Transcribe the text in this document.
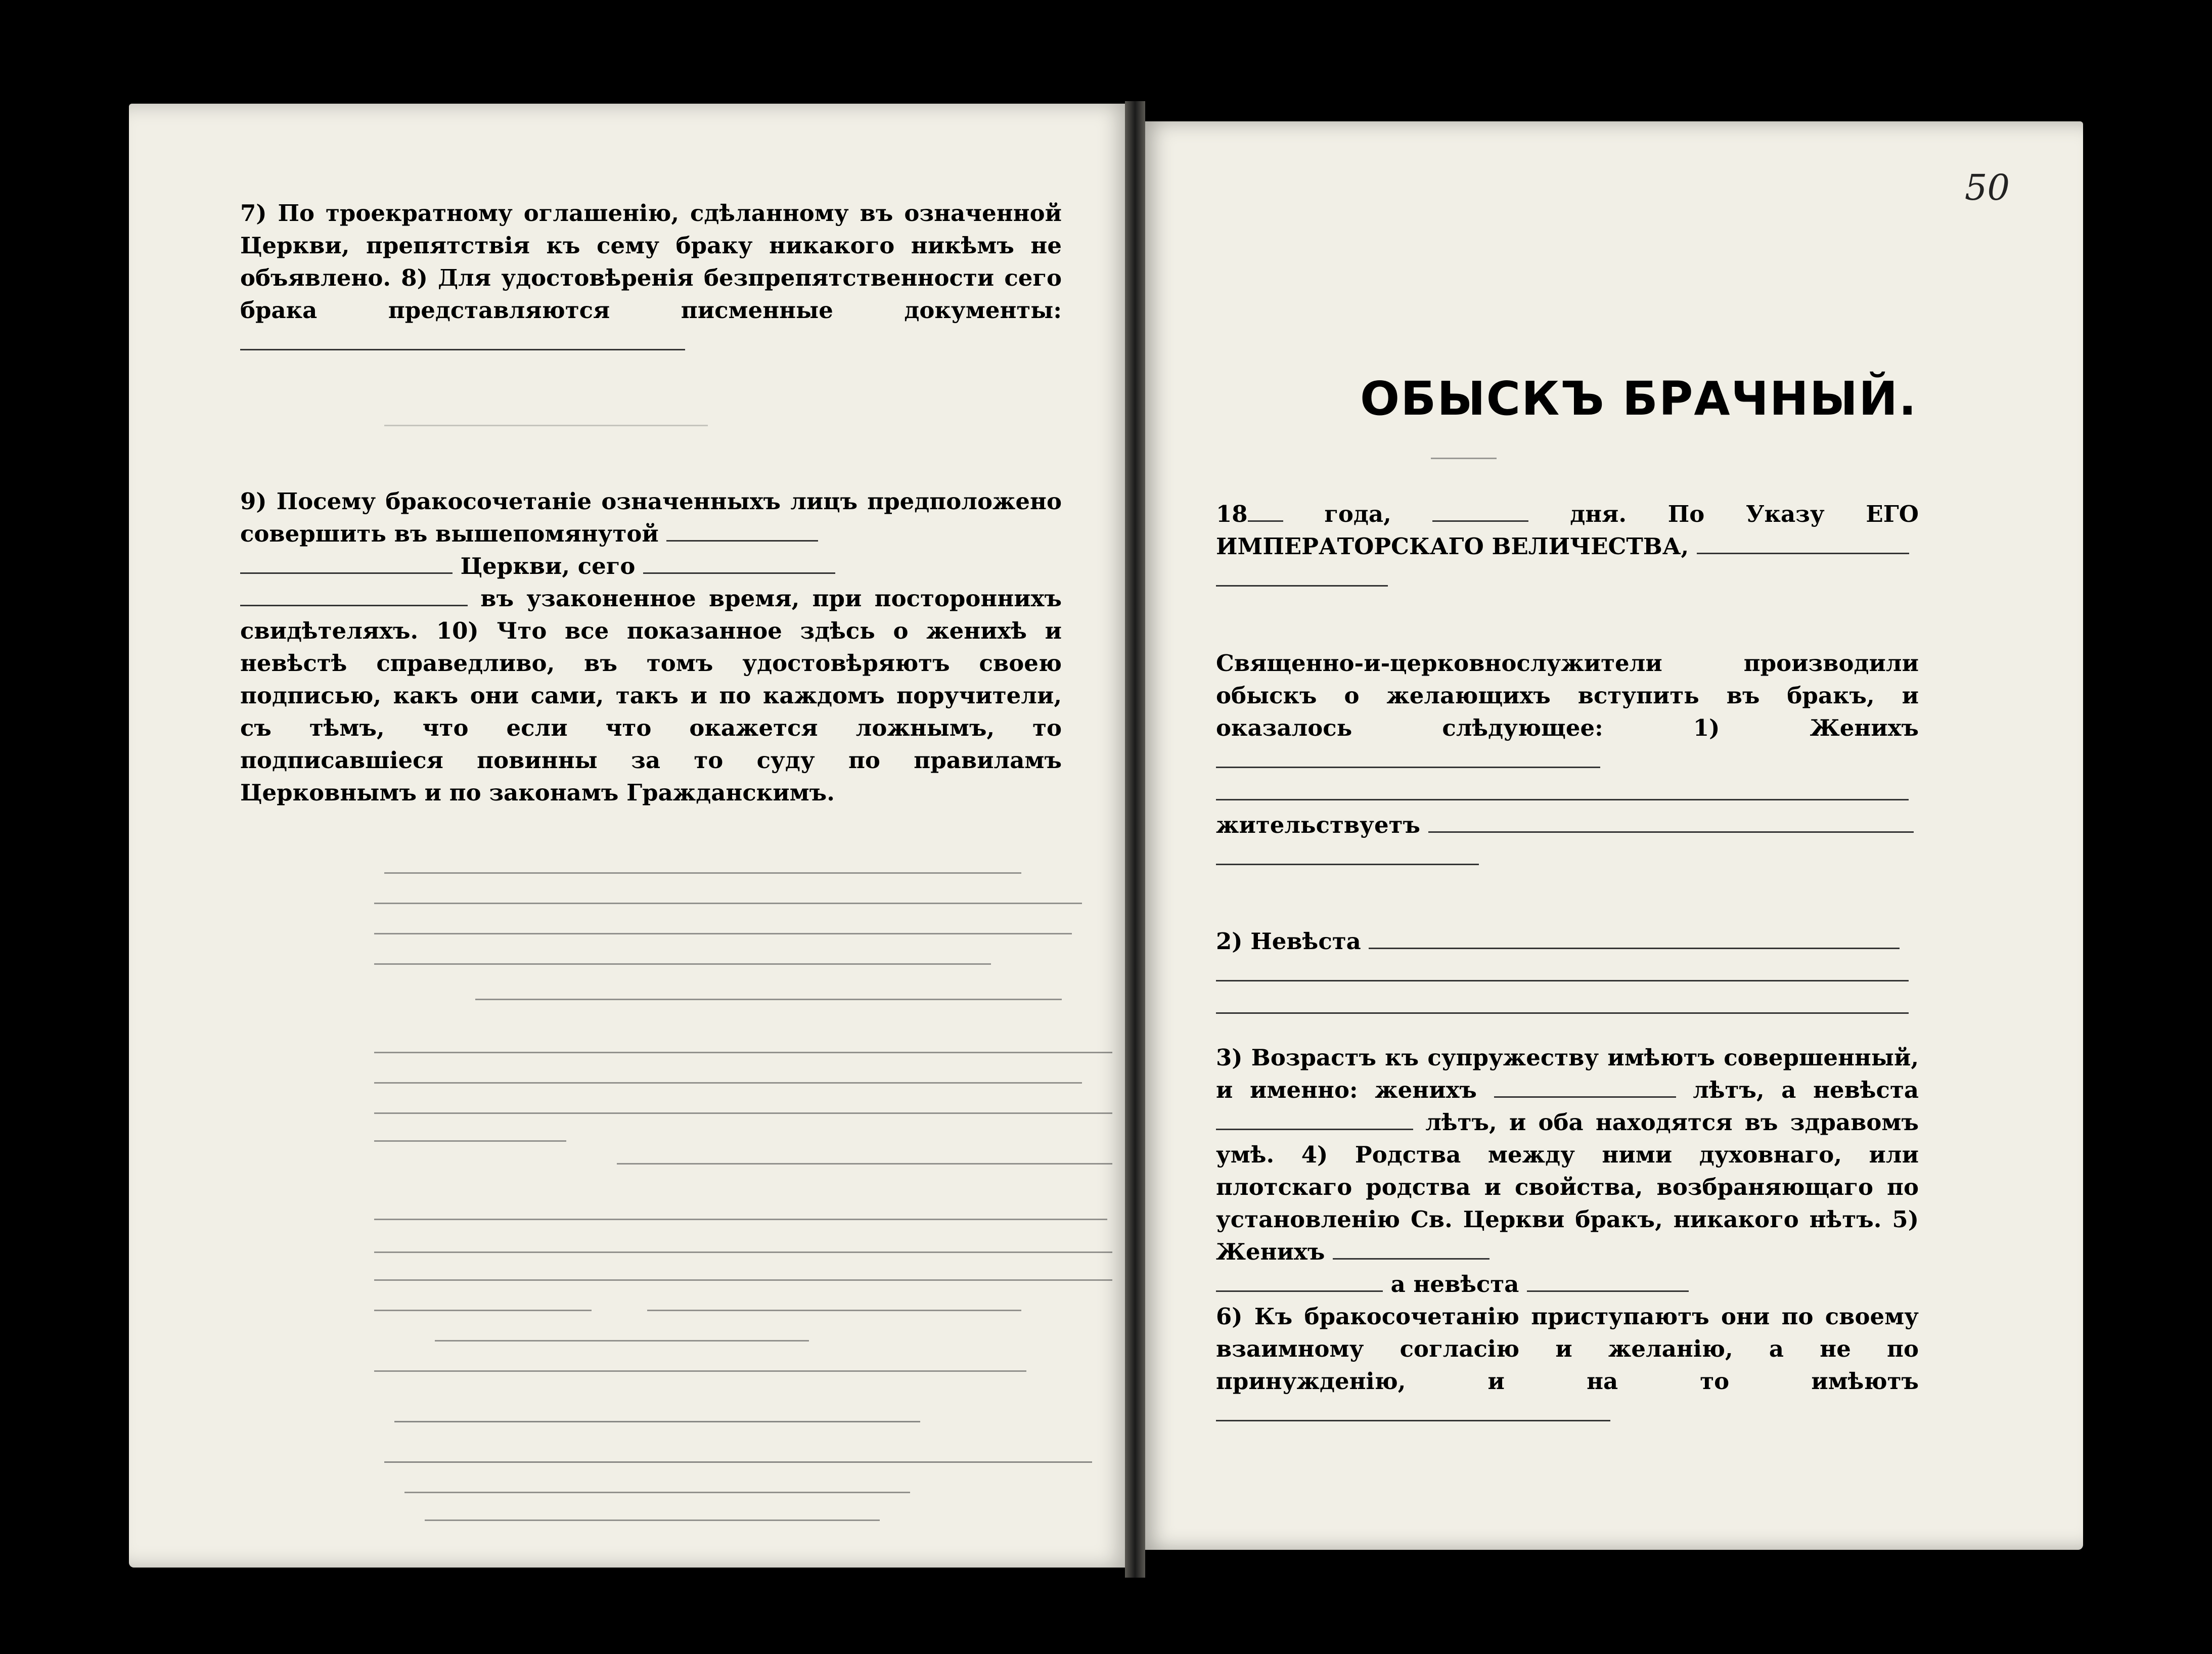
7) По троекратному оглашенію, сдѣланному въ означенной Церкви, препятствія къ сему браку никакого никѣмъ не объявлено. 8) Для удостовѣренія безпрепятственности сего брака представляются писменные документы:

9) Посему бракосочетаніе означенныхъ лицъ предположено совершить въ вышепомянутой
Церкви, сего
въ узаконенное время, при постороннихъ свидѣтеляхъ. 10) Что все показанное здѣсь о женихѣ и невѣстѣ справедливо, въ томъ удостовѣряютъ своею подписью, какъ они сами, такъ и по каждомъ поручители, съ тѣмъ, что если что окажется ложнымъ, то подписавшіеся повинны за то суду по правиламъ Церковнымъ и по законамъ Гражданскимъ.

50
ОБЫСКЪ БРАЧНЫЙ.

18	года,	дня. По Указу ЕГО ИМПЕРАТОРСКАГО ВЕЛИЧЕСТВА,

Священно-и-церковнослужители производили обыскъ о желающихъ вступить въ бракъ, и оказалось слѣдующее: 1) Женихъ

жительствуетъ

2) Невѣста

3) Возрастъ къ супружеству имѣютъ совершенный, и именно: женихъ	лѣтъ, а невѣста  лѣтъ, и оба находятся въ здравомъ умѣ. 4) Родства между ними духовнаго, или плотскаго родства и свойства, возбраняющаго по установленію Св. Церкви бракъ, никакого нѣтъ. 5) Женихъ
а невѣста
6) Къ бракосочетанію приступаютъ они по своему взаимному согласію и желанію, а не по принужденію, и на то имѣютъ
